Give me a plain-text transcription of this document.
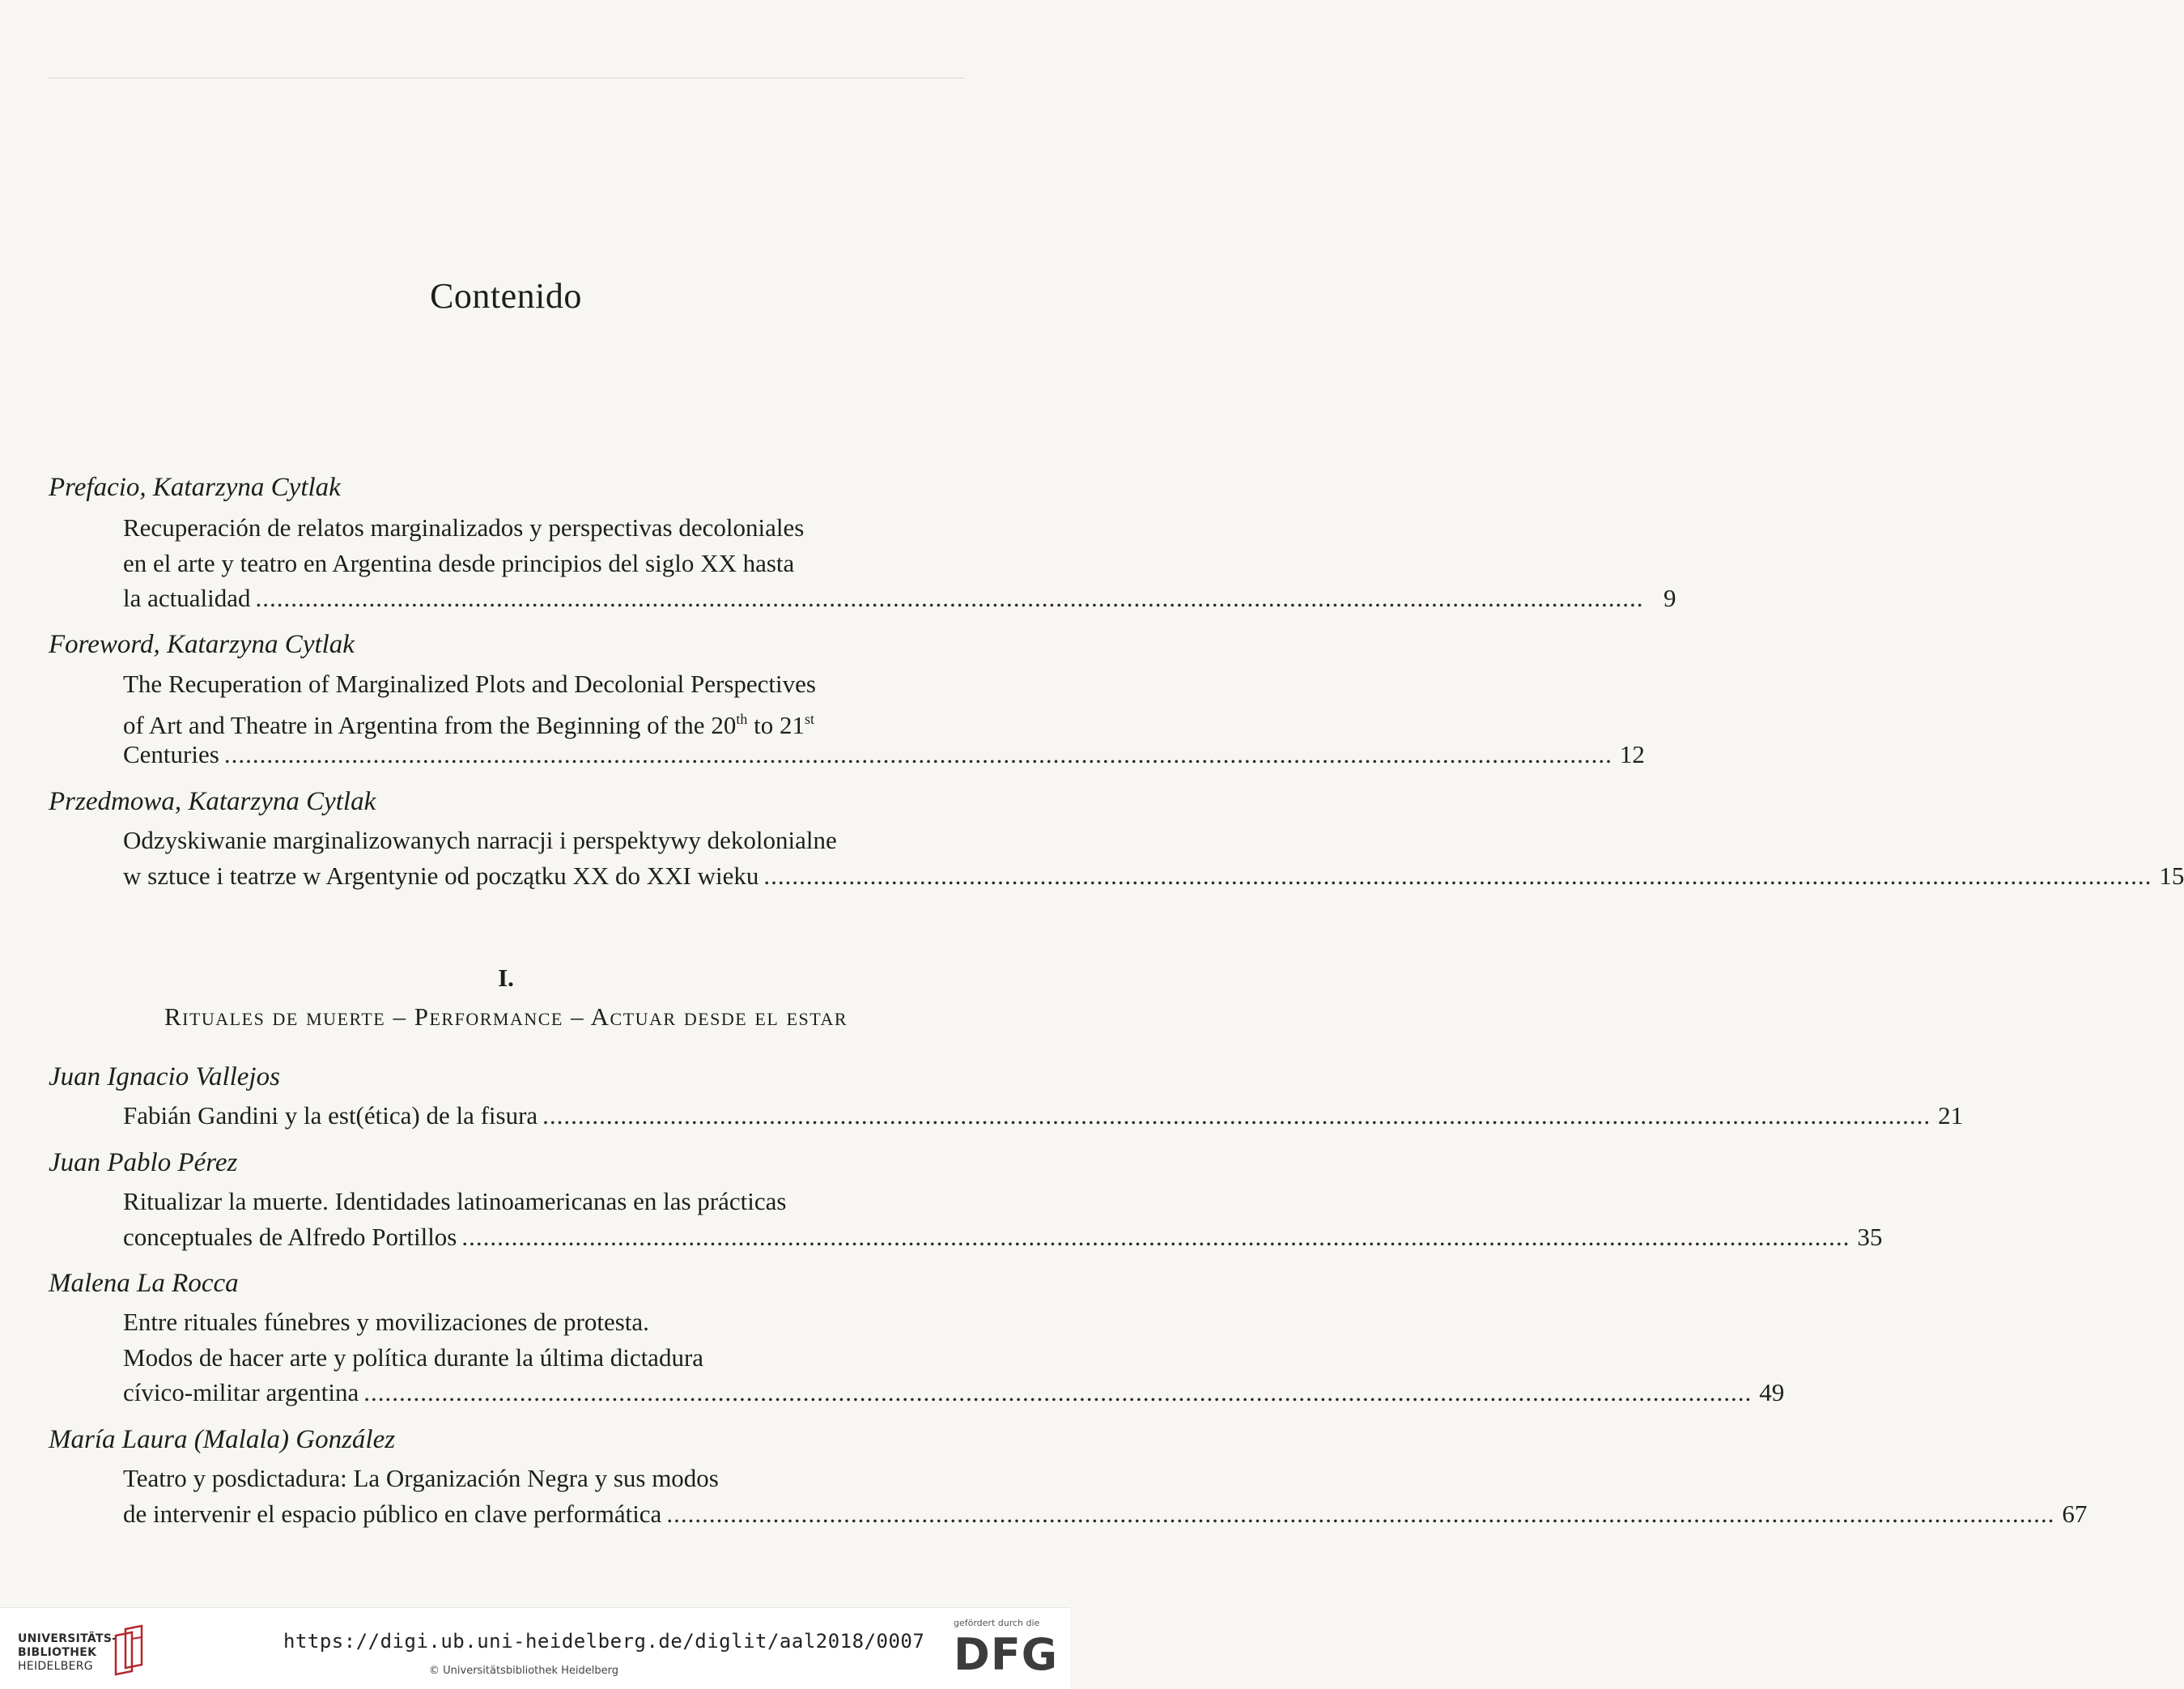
Contenido
Prefacio, Katarzyna Cytlak
Recuperación de relatos marginalizados y perspectivas decoloniales
en el arte y teatro en Argentina desde principios del siglo XX hasta
la actualidad .................................................................................................................................................................................................... 9
Foreword, Katarzyna Cytlak
The Recuperation of Marginalized Plots and Decolonial Perspectives
of Art and Theatre in Argentina from the Beginning of the 20th to 21st
Centuries .................................................................................................................................................................................................... 12
Przedmowa, Katarzyna Cytlak
Odzyskiwanie marginalizowanych narracji i perspektywy dekolonialne
w sztuce i teatrze w Argentynie od początku XX do XXI wieku .................................................................................................................................................................................................... 15
I.
Rituales de muerte – Performance – Actuar desde el estar
Juan Ignacio Vallejos
Fabián Gandini y la est(ética) de la fisura .................................................................................................................................................................................................... 21
Juan Pablo Pérez
Ritualizar la muerte. Identidades latinoamericanas en las prácticas
conceptuales de Alfredo Portillos .................................................................................................................................................................................................... 35
Malena La Rocca
Entre rituales fúnebres y movilizaciones de protesta.
Modos de hacer arte y política durante la última dictadura
cívico-militar argentina .................................................................................................................................................................................................... 49
María Laura (Malala) González
Teatro y posdictadura: La Organización Negra y sus modos
de intervenir el espacio público en clave performática .................................................................................................................................................................................................... 67
UNIVERSITÄTS-
BIBLIOTHEK
HEIDELBERG
https://digi.ub.uni-heidelberg.de/diglit/aal2018/0007
© Universitätsbibliothek Heidelberg
gefördert durch die
DFG
